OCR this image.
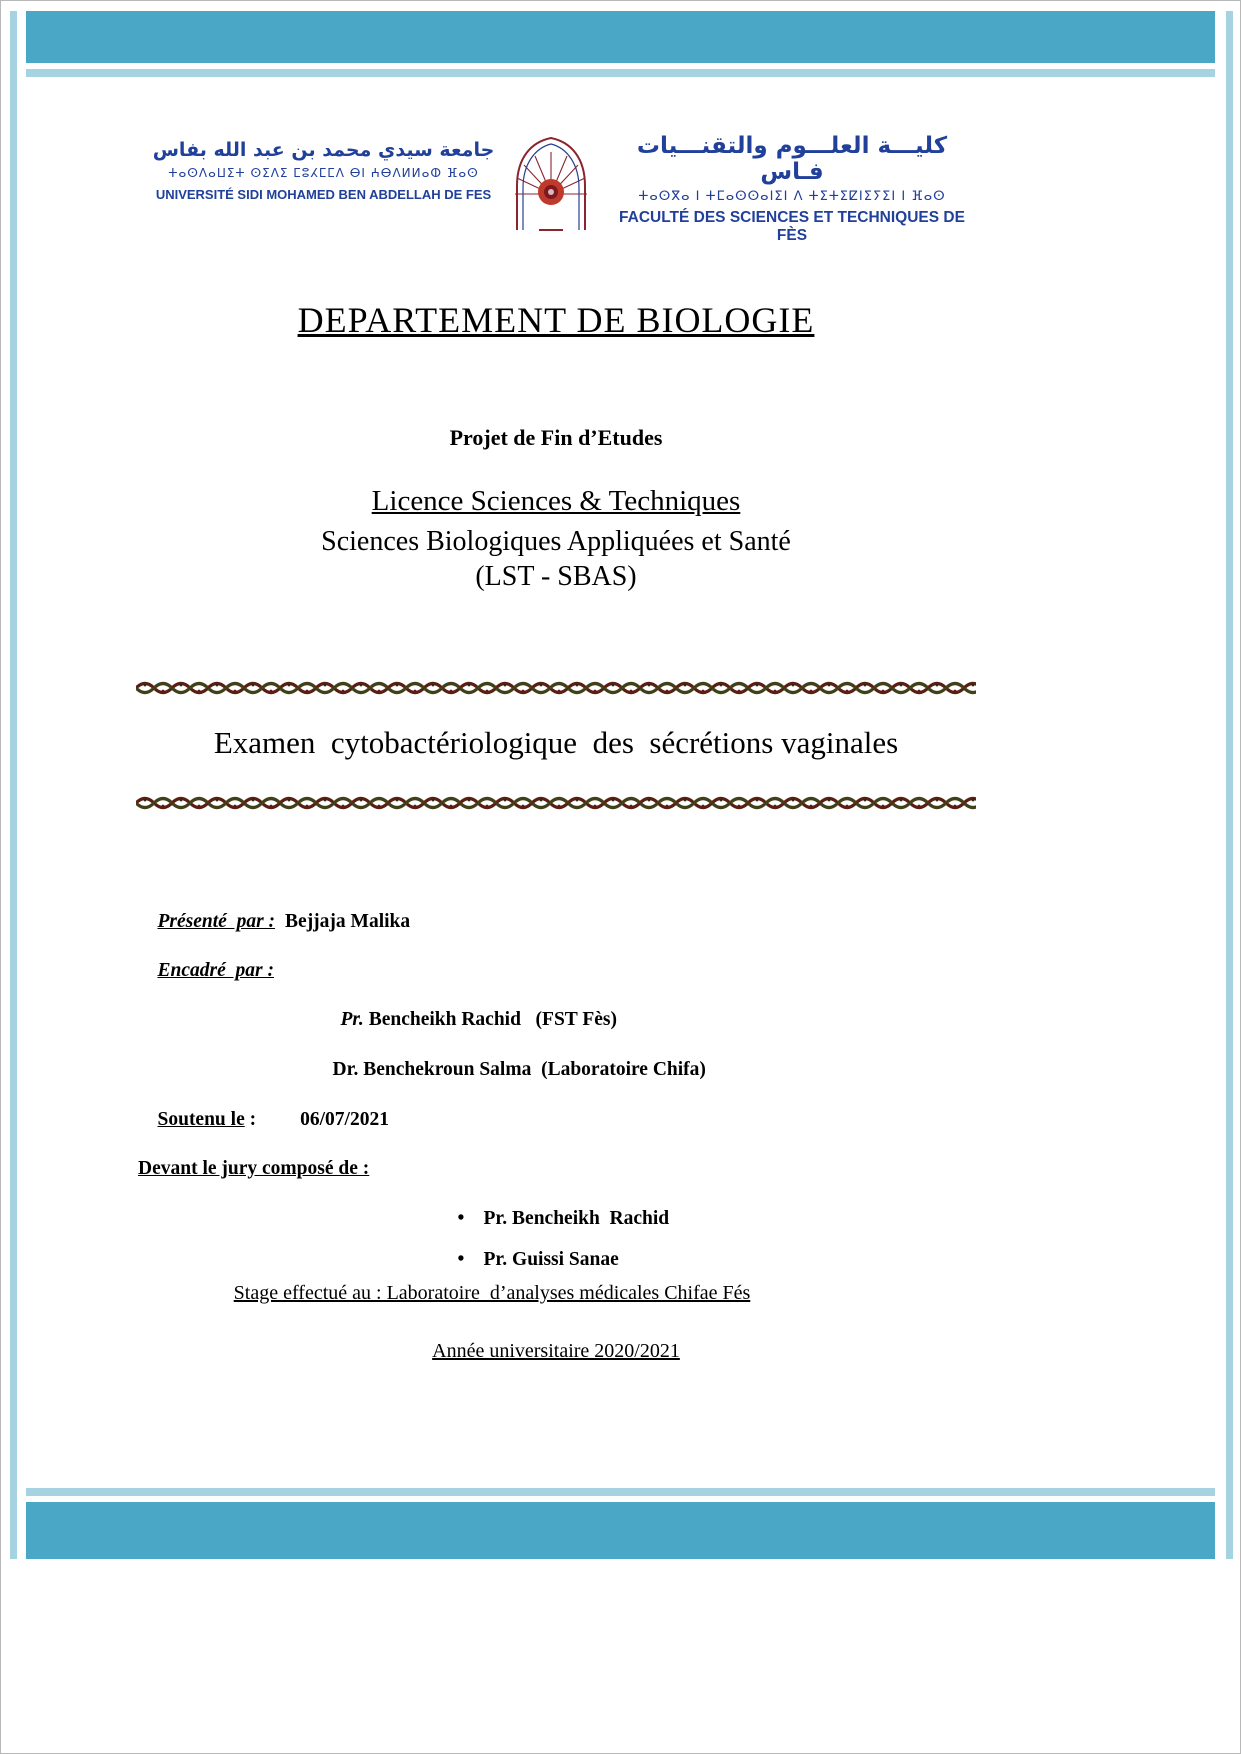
جامعة سيدي محمد بن عبد الله بفاس
ⵜⴰⵙⴷⴰⵡⵉⵜ ⵙⵉⴷⵉ ⵎⵓⵃⵎⵎⴷ ⴱⵏ ⵄⴱⴷⵍⵍⴰⵀ ⴼⴰⵙ
UNIVERSITÉ SIDI MOHAMED BEN ABDELLAH DE FES
كليـــة العلـــوم والتقنـــيات فـاس
ⵜⴰⵙⴳⴰ ⵏ ⵜⵎⴰⵙⵙⴰⵏⵉⵏ ⴷ ⵜⵉⵜⵉⵇⵏⵉⵢⵉⵏ ⵏ ⴼⴰⵙ
FACULTÉ DES SCIENCES ET TECHNIQUES DE FÈS
DEPARTEMENT DE BIOLOGIE
Projet de Fin d’Etudes
Licence Sciences & Techniques
Sciences Biologiques Appliquées et Santé
(LST - SBAS)
Examen  cytobactériologique  des  sécrétions vaginales

Présenté  par : Bejjaja Malika

Encadré  par :

Pr. Bencheikh Rachid   (FST Fès)

Dr. Benchekroun Salma  (Laboratoire Chifa)

Soutenu le : 06/07/2021

Devant le jury composé de :

• Pr. Bencheikh  Rachid

• Pr. Guissi Sanae

Stage effectué au : Laboratoire  d’analyses médicales Chifae Fés
Année universitaire 2020/2021
